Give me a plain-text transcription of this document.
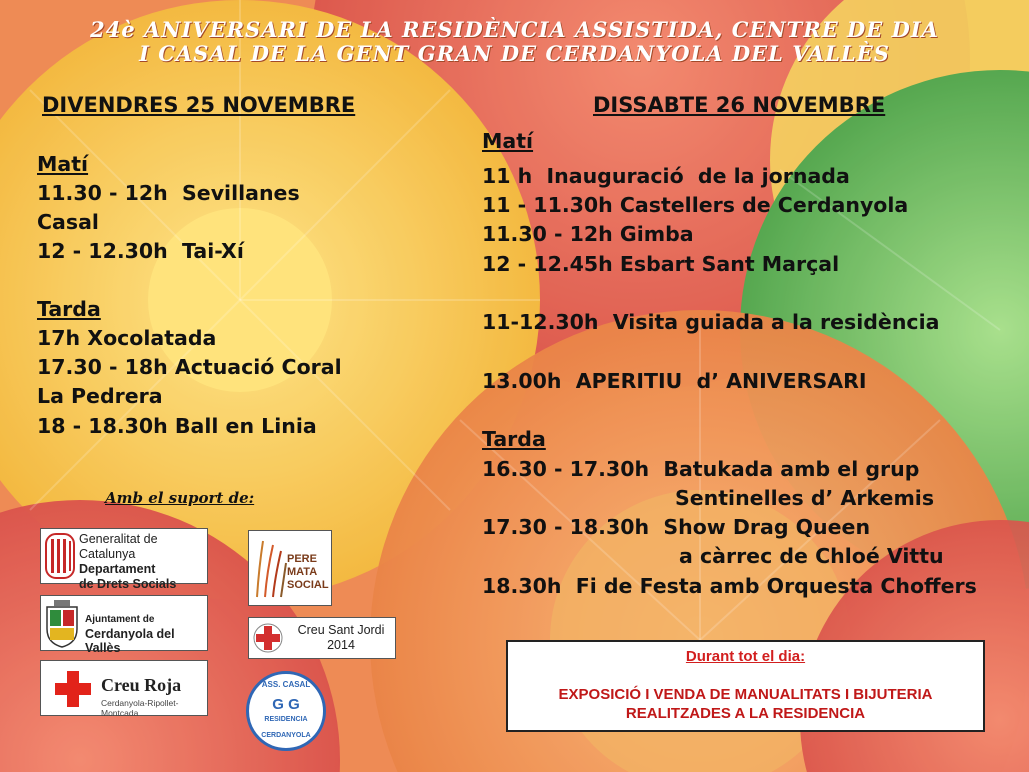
24è ANIVERSARI DE LA RESIDÈNCIA ASSISTIDA, CENTRE DE DIA
I CASAL DE LA GENT GRAN DE CERDANYOLA DEL VALLÈS
DIVENDRES 25 NOVEMBRE
Matí
11.30 - 12h  Sevillanes
Casal
12 - 12.30h  Tai-Xí
Tarda
17h Xocolatada
17.30 - 18h Actuació Coral
La Pedrera
18 - 18.30h Ball en Linia
DISSABTE 26 NOVEMBRE
Matí
11 h  Inauguració  de la jornada
11 - 11.30h Castellers de Cerdanyola
11.30 - 12h Gimba
12 - 12.45h Esbart Sant Marçal
11-12.30h  Visita guiada a la residència
13.00h  APERITIU  d’ ANIVERSARI
Tarda
16.30 - 17.30h  Batukada amb el grup
Sentinelles d’ Arkemis
17.30 - 18.30h  Show Drag Queen
a càrrec de Chloé Vittu
18.30h  Fi de Festa amb Orquesta Choffers
Amb el suport de:
Generalitat de Catalunya
Departament
de Drets Socials
Ajuntament de
Cerdanyola del Vallès
Creu Roja
Cerdanyola-Ripollet-Montcada
PERE
MATA
SOCIAL
Creu Sant Jordi
2014
ASS. CASAL
G G
RESIDENCIA
CERDANYOLA
Durant tot el dia:
EXPOSICIÓ I VENDA DE MANUALITATS I BIJUTERIA
REALITZADES A LA RESIDENCIA
